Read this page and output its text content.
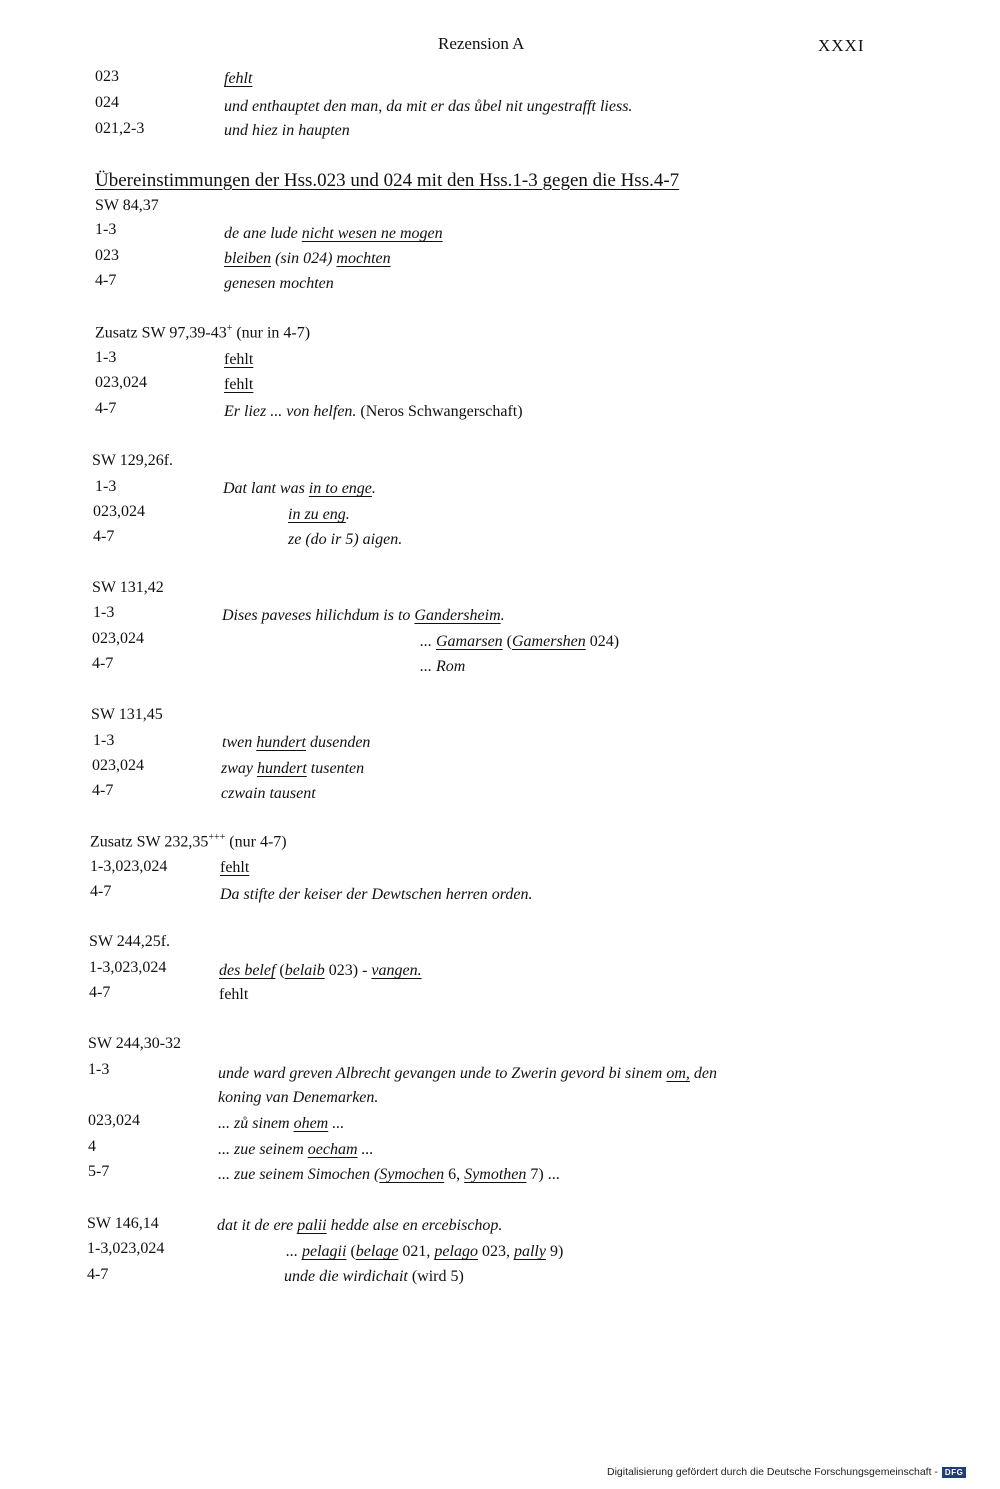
Rezension A	XXXI
023	fehlt
024	und enthauptet den man, da mit er das ůbel nit ungestrafft liess.
021,2-3	und hiez in haupten
Übereinstimmungen der Hss.023 und 024 mit den Hss.1-3 gegen die Hss.4-7
SW 84,37
1-3	de ane lude nicht wesen ne mogen
023	bleiben (sin 024) mochten
4-7	genesen mochten
Zusatz SW 97,39-43+ (nur in 4-7)
1-3	fehlt
023,024	fehlt
4-7	Er liez ... von helfen. (Neros Schwangerschaft)
SW 129,26f.
1-3	Dat lant was in to enge.
023,024	in zu eng.
4-7	ze (do ir 5) aigen.
SW 131,42
1-3	Dises paveses hilichdum is to Gandersheim.
023,024	... Gamarsen (Gamershen 024)
4-7	... Rom
SW 131,45
1-3	twen hundert dusenden
023,024	zway hundert tusenten
4-7	czwain tausent
Zusatz SW 232,35+++ (nur 4-7)
1-3,023,024	fehlt
4-7	Da stifte der keiser der Dewtschen herren orden.
SW 244,25f.
1-3,023,024	des belef (belaib 023) - vangen.
4-7	fehlt
SW 244,30-32
1-3	unde ward greven Albrecht gevangen unde to Zwerin gevord bi sinem om, den
koning van Denemarken.
023,024	... zů sinem ohem ...
4	... zue seinem oecham ...
5-7	... zue seinem Simochen (Symochen 6, Symothen 7) ...
SW 146,14	dat it de ere palii hedde alse en ercebischop.
1-3,023,024	... pelagii (belage 021, pelago 023, pally 9)
4-7	unde die wirdichait (wird 5)
Digitalisierung gefördert durch die Deutsche Forschungsgemeinschaft - DFG
